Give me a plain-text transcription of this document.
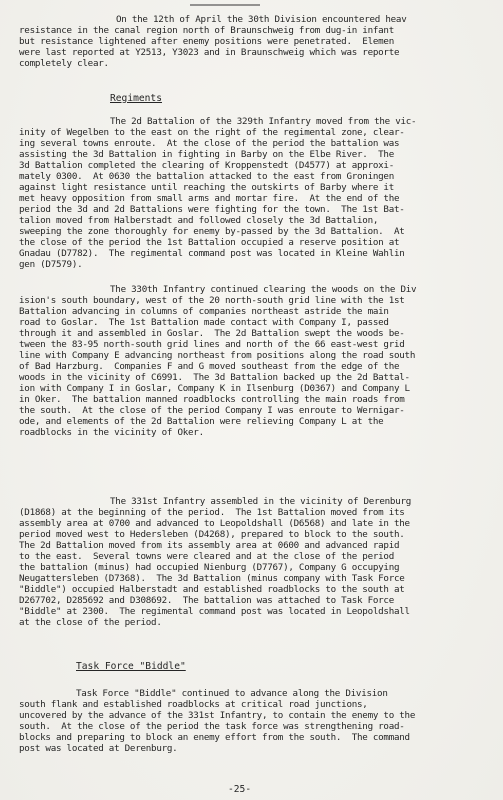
On the 12th of April the 30th Division encountered heav
resistance in the canal region north of Braunschweig from dug-in infant
but resistance lightened after enemy positions were penetrated.  Elemen
were last reported at Y2513, Y3023 and in Braunschweig which was reporte
completely clear.
Regiments
The 2d Battalion of the 329th Infantry moved from the vic-
inity of Wegelben to the east on the right of the regimental zone, clear-
ing several towns enroute.  At the close of the period the battalion was
assisting the 3d Battalion in fighting in Barby on the Elbe River.  The
3d Battalion completed the clearing of Kroppenstedt (D4577) at approxi-
mately 0300.  At 0630 the battalion attacked to the east from Groningen
against light resistance until reaching the outskirts of Barby where it
met heavy opposition from small arms and mortar fire.  At the end of the
period the 3d and 2d Battalions were fighting for the town.  The 1st Bat-
talion moved from Halberstadt and followed closely the 3d Battalion,
sweeping the zone thoroughly for enemy by-passed by the 3d Battalion.  At
the close of the period the 1st Battalion occupied a reserve position at
Gnadau (D7782).  The regimental command post was located in Kleine Wahlin
gen (D7579).
The 330th Infantry continued clearing the woods on the Div
ision's south boundary, west of the 20 north-south grid line with the 1st
Battalion advancing in columns of companies northeast astride the main
road to Goslar.  The 1st Battalion made contact with Company I, passed
through it and assembled in Goslar.  The 2d Battalion swept the woods be-
tween the 83-95 north-south grid lines and north of the 66 east-west grid
line with Company E advancing northeast from positions along the road south
of Bad Harzburg.  Companies F and G moved southeast from the edge of the
woods in the vicinity of C6991.  The 3d Battalion backed up the 2d Battal-
ion with Company I in Goslar, Company K in Ilsenburg (D0367) and Company L
in Oker.  The battalion manned roadblocks controlling the main roads from
the south.  At the close of the period Company I was enroute to Wernigar-
ode, and elements of the 2d Battalion were relieving Company L at the
roadblocks in the vicinity of Oker.
The 331st Infantry assembled in the vicinity of Derenburg
(D1868) at the beginning of the period.  The 1st Battalion moved from its
assembly area at 0700 and advanced to Leopoldshall (D6568) and late in the
period moved west to Hedersleben (D4268), prepared to block to the south.
The 2d Battalion moved from its assembly area at 0600 and advanced rapid
to the east.  Several towns were cleared and at the close of the period
the battalion (minus) had occupied Nienburg (D7767), Company G occupying
Neugattersleben (D7368).  The 3d Battalion (minus company with Task Force
"Biddle") occupied Halberstadt and established roadblocks to the south at
D267702, D285692 and D308692.  The battalion was attached to Task Force
"Biddle" at 2300.  The regimental command post was located in Leopoldshall
at the close of the period.
Task Force "Biddle"
Task Force "Biddle" continued to advance along the Division
south flank and established roadblocks at critical road junctions,
uncovered by the advance of the 331st Infantry, to contain the enemy to the
south.  At the close of the period the task force was strengthening road-
blocks and preparing to block an enemy effort from the south.  The command
post was located at Derenburg.
-25-
